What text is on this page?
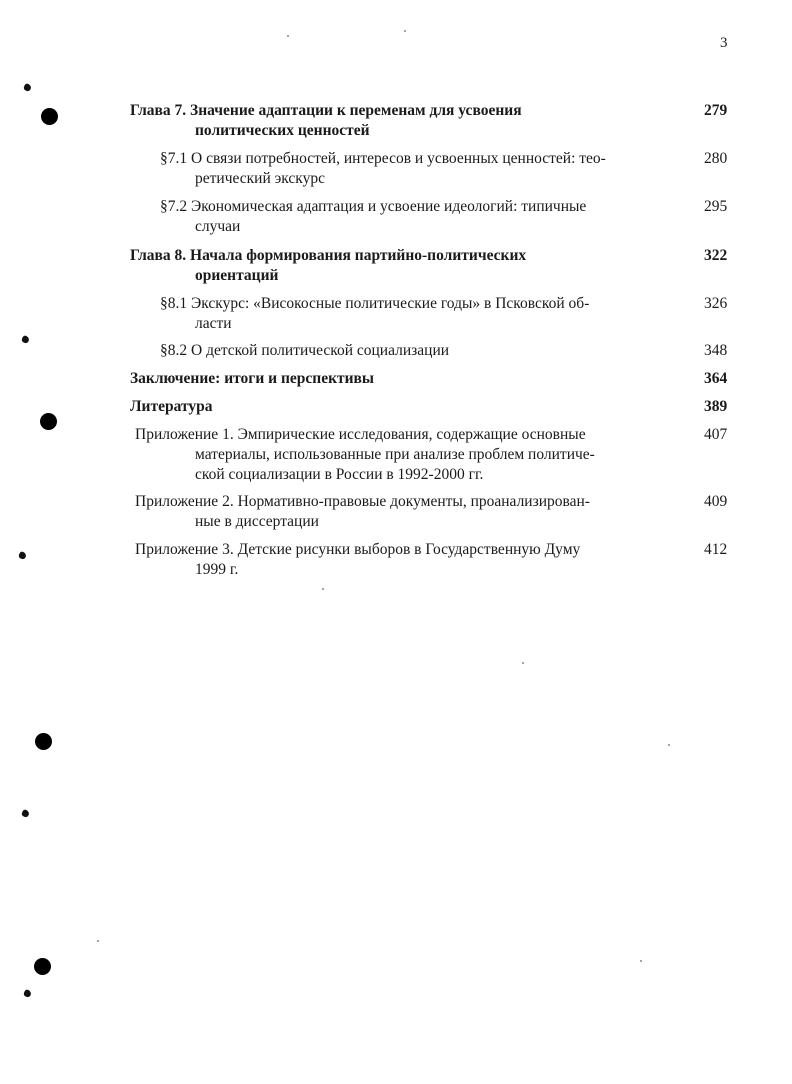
3
Глава 7. Значение адаптации к переменам для усвоения
политических ценностей
279
§7.1 О связи потребностей, интересов и усвоенных ценностей: тео-
ретический экскурс
280
§7.2 Экономическая адаптация и усвоение идеологий: типичные
случаи
295
Глава 8. Начала формирования партийно-политических
ориентаций
322
§8.1 Экскурс: «Високосные политические годы» в Псковской об-
ласти
326
§8.2 О детской политической социализации	348
Заключение: итоги и перспективы	364
Литература	389
Приложение 1. Эмпирические исследования, содержащие основные
материалы, использованные при анализе проблем политиче-
ской социализации в России в 1992-2000 гг.
407
Приложение 2. Нормативно-правовые документы, проанализирован-
ные в диссертации
409
Приложение 3. Детские рисунки выборов в Государственную Думу
1999 г.
412
